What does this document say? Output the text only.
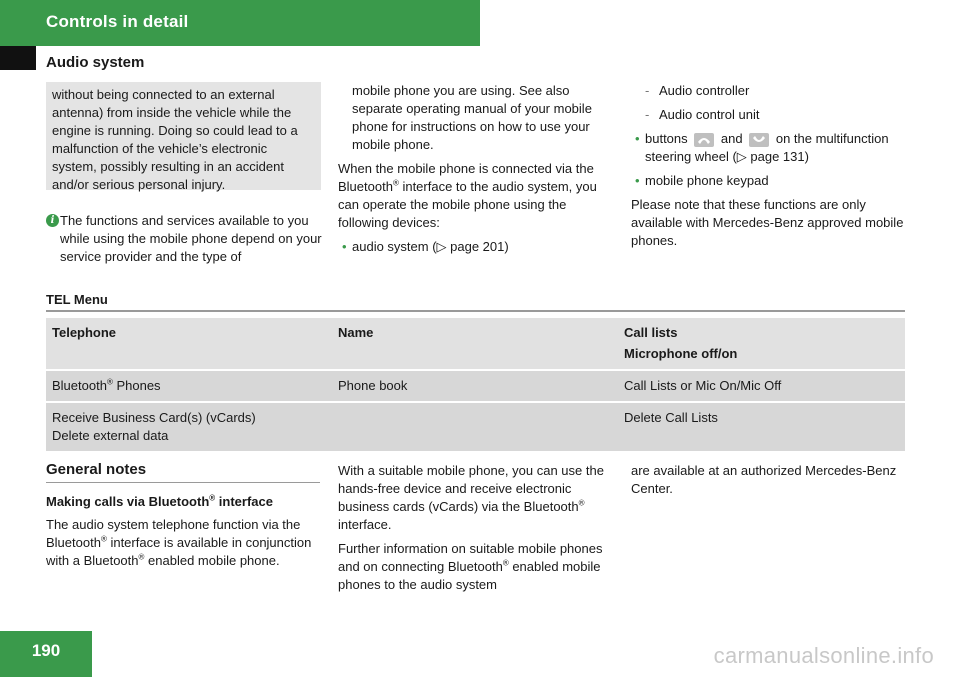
Controls in detail
Audio system
without being connected to an external antenna) from inside the vehicle while the engine is running. Doing so could lead to a malfunction of the vehicle’s electronic system, possibly resulting in an accident and/or serious personal injury.
i The functions and services available to you while using the mobile phone depend on your service provider and the type of

mobile phone you are using. See also separate operating manual of your mobile phone for instructions on how to use your mobile phone.

When the mobile phone is connected via the Bluetooth® interface to the audio system, you can operate the mobile phone using the following devices:

• audio system (▷ page 201)
- Audio controller
- Audio control unit
• buttons	and	on the multifunction steering wheel (▷ page 131)
• mobile phone keypad

Please note that these functions are only available with Mercedes-Benz approved mobile phones.

TEL Menu
Telephone	Name	Call lists
Microphone off/on

Bluetooth® Phones	Phone book	Call Lists or Mic On/Mic Off

Receive Business Card(s) (vCards)
Delete external data		Delete Call Lists
General notes
Making calls via Bluetooth® interface
The audio system telephone function via the Bluetooth® interface is available in conjunction with a Bluetooth® enabled mobile phone.

With a suitable mobile phone, you can use the hands-free device and receive electronic business cards (vCards) via the Bluetooth® interface.

Further information on suitable mobile phones and on connecting Bluetooth® enabled mobile phones to the audio system

are available at an authorized Mercedes-Benz Center.

190	carmanualsonline.info
